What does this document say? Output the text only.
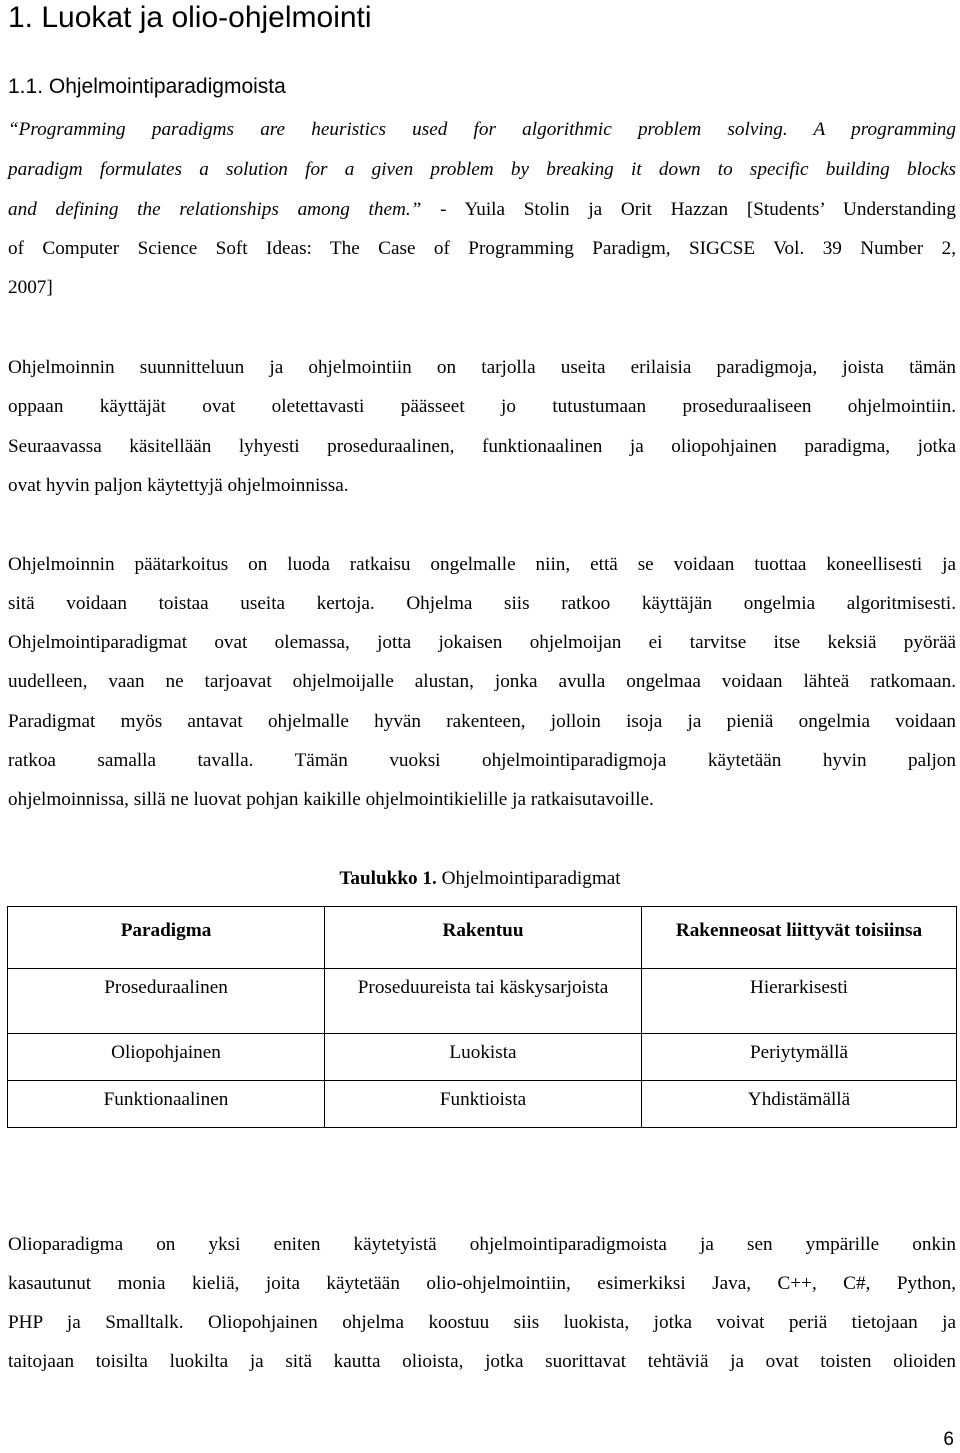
1. Luokat ja olio-ohjelmointi
1.1. Ohjelmointiparadigmoista
“Programming paradigms are heuristics used for algorithmic problem solving. A programming
paradigm formulates a solution for a given problem by breaking it down to specific building blocks
and defining the relationships among them.” - Yuila Stolin ja Orit Hazzan [Students’ Understanding
of Computer Science Soft Ideas: The Case of Programming Paradigm, SIGCSE Vol. 39 Number 2,
2007]
Ohjelmoinnin suunnitteluun ja ohjelmointiin on tarjolla useita erilaisia paradigmoja, joista tämän
oppaan käyttäjät ovat oletettavasti päässeet jo tutustumaan proseduraaliseen ohjelmointiin.
Seuraavassa käsitellään lyhyesti proseduraalinen, funktionaalinen ja oliopohjainen paradigma, jotka
ovat hyvin paljon käytettyjä ohjelmoinnissa.
Ohjelmoinnin päätarkoitus on luoda ratkaisu ongelmalle niin, että se voidaan tuottaa koneellisesti ja
sitä voidaan toistaa useita kertoja. Ohjelma siis ratkoo käyttäjän ongelmia algoritmisesti.
Ohjelmointiparadigmat ovat olemassa, jotta jokaisen ohjelmoijan ei tarvitse itse keksiä pyörää
uudelleen, vaan ne tarjoavat ohjelmoijalle alustan, jonka avulla ongelmaa voidaan lähteä ratkomaan.
Paradigmat myös antavat ohjelmalle hyvän rakenteen, jolloin isoja ja pieniä ongelmia voidaan
ratkoa samalla tavalla. Tämän vuoksi ohjelmointiparadigmoja käytetään hyvin paljon
ohjelmoinnissa, sillä ne luovat pohjan kaikille ohjelmointikielille ja ratkaisutavoille.
Taulukko 1. Ohjelmointiparadigmat
Paradigma	Rakentuu	Rakenneosat liittyvät toisiinsa
Proseduraalinen	Proseduureista tai käskysarjoista	Hierarkisesti
Oliopohjainen	Luokista	Periytymällä
Funktionaalinen	Funktioista	Yhdistämällä
Olioparadigma on yksi eniten käytetyistä ohjelmointiparadigmoista ja sen ympärille onkin
kasautunut monia kieliä, joita käytetään olio-ohjelmointiin, esimerkiksi Java, C++, C#, Python,
PHP ja Smalltalk. Oliopohjainen ohjelma koostuu siis luokista, jotka voivat periä tietojaan ja
taitojaan toisilta luokilta ja sitä kautta olioista, jotka suorittavat tehtäviä ja ovat toisten olioiden
6
